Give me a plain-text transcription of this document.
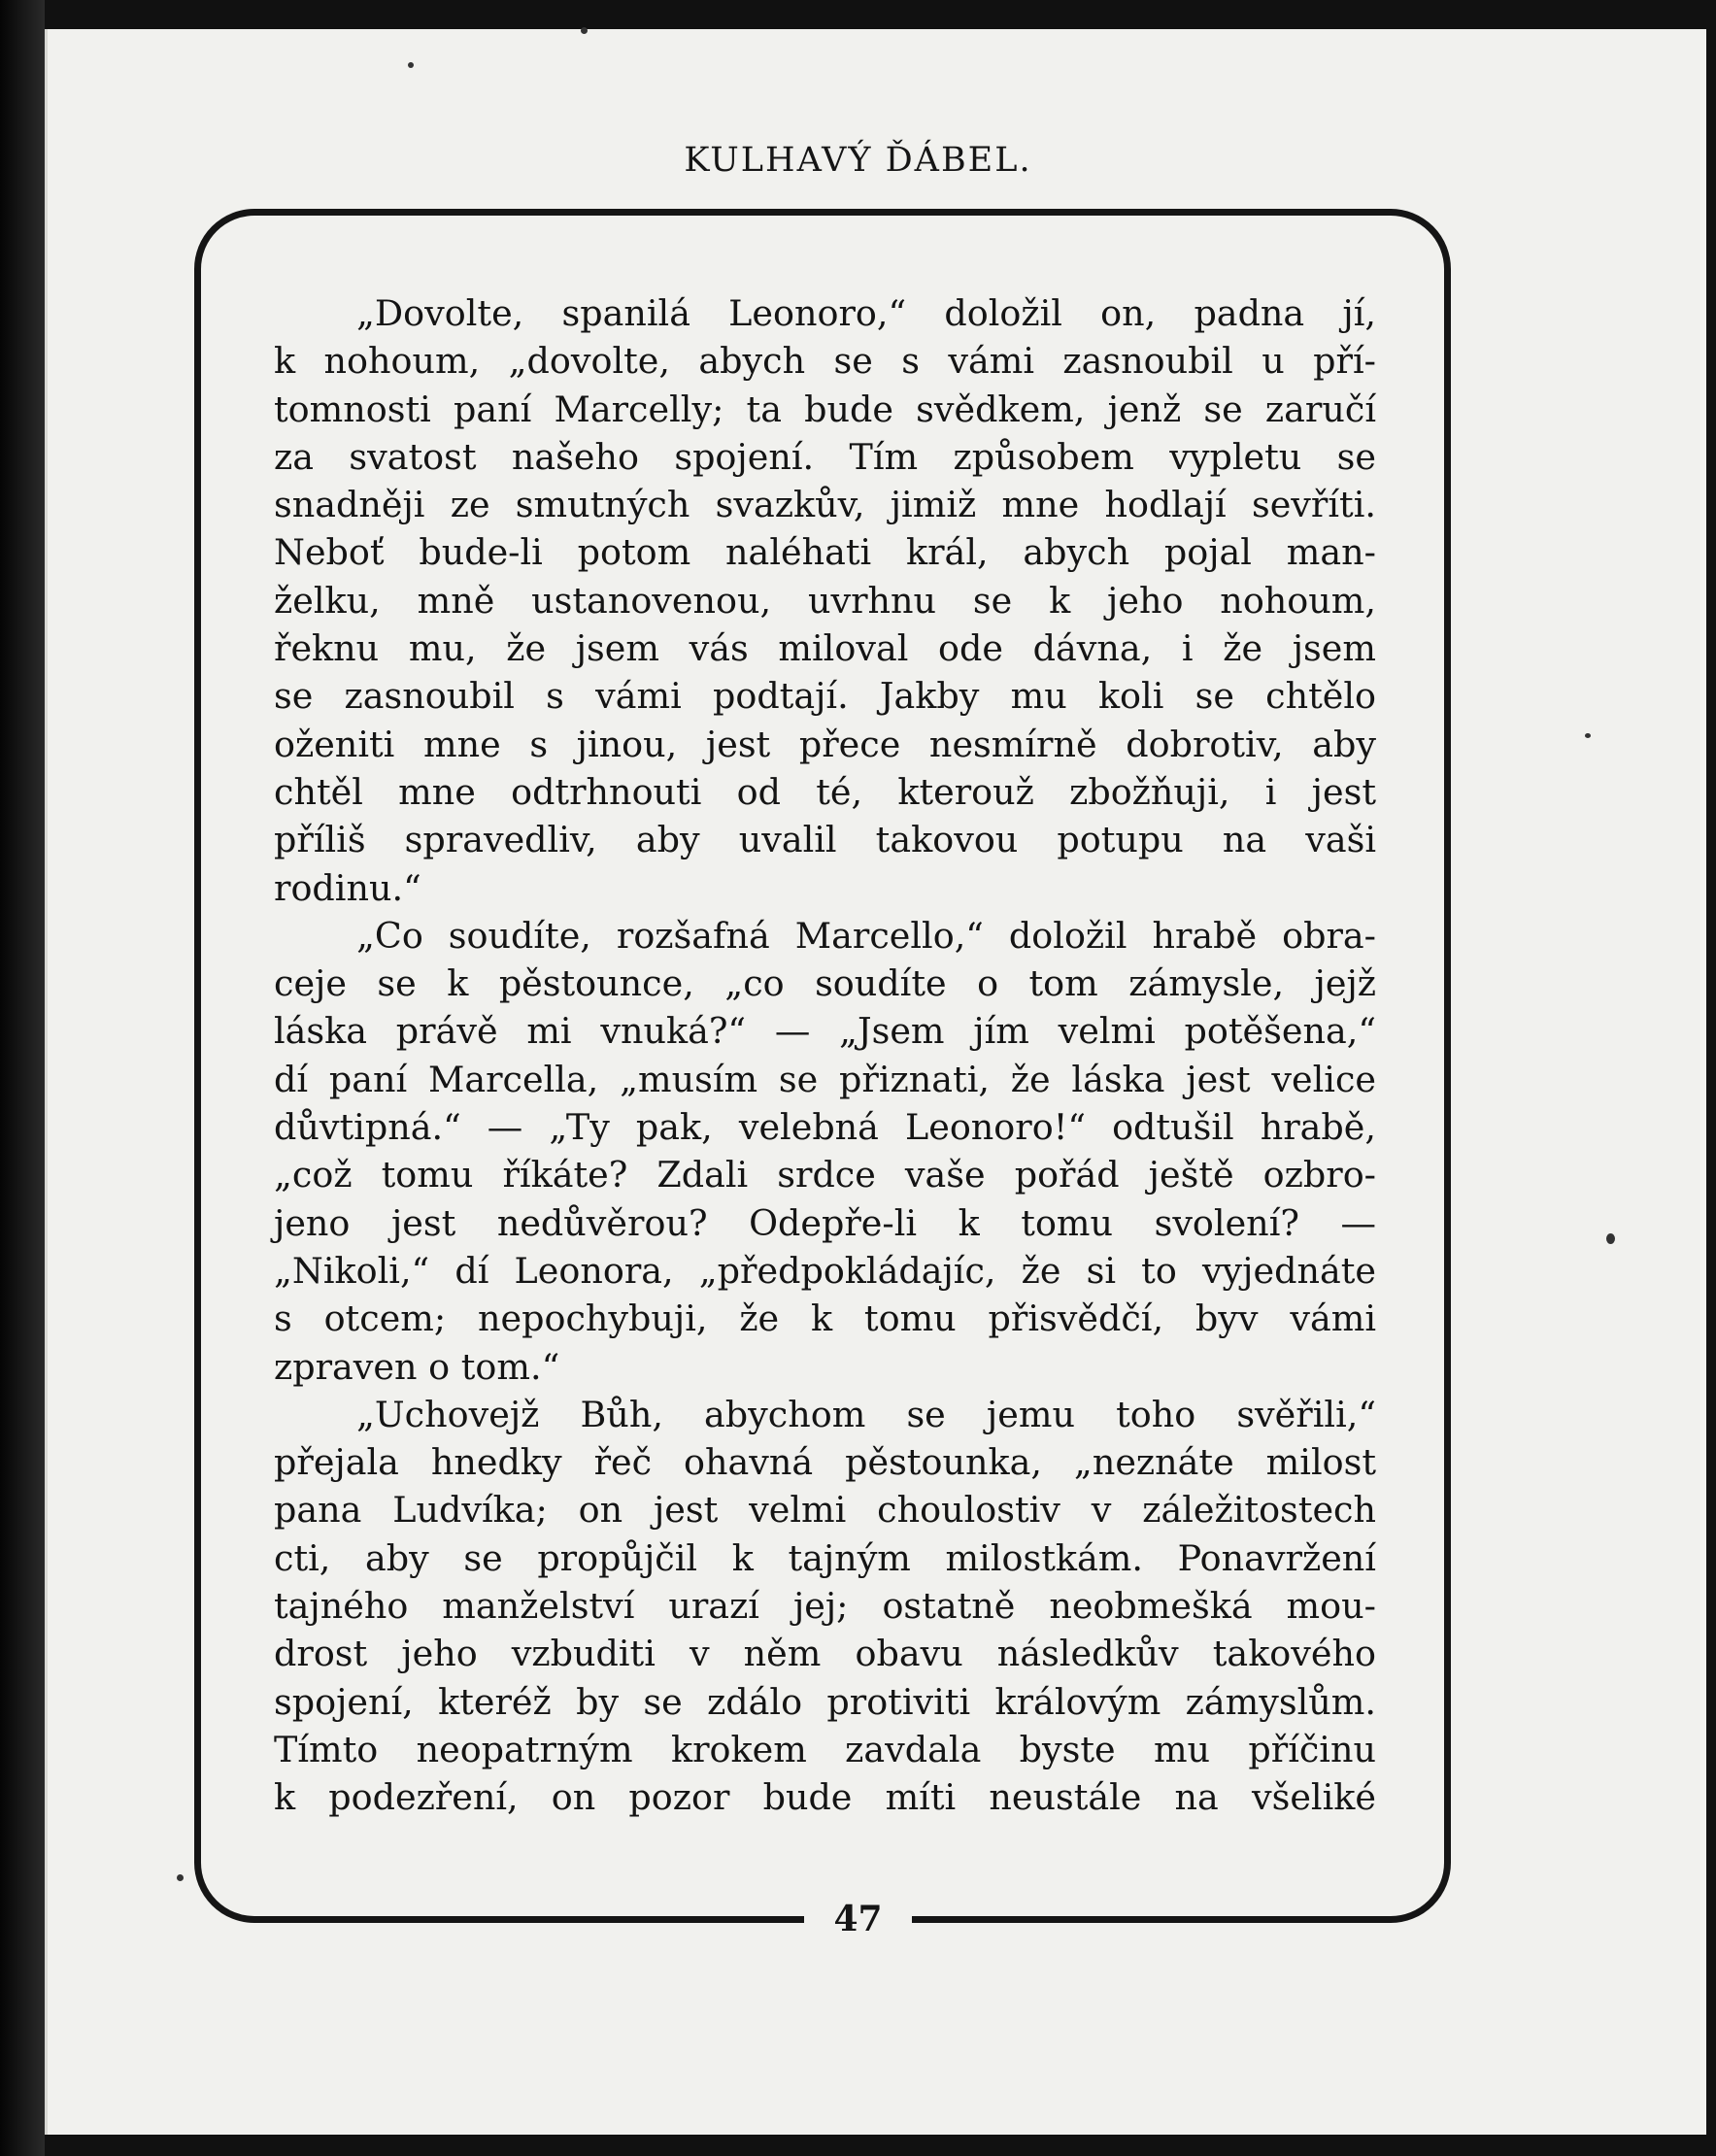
KULHAVÝ ĎÁBEL.
„Dovolte, spanilá Leonoro,“ doložil on, padna jí,
k nohoum, „dovolte, abych se s vámi zasnoubil u pří-
tomnosti paní Marcelly; ta bude svědkem, jenž se zaručí
za svatost našeho spojení. Tím způsobem vypletu se
snadněji ze smutných svazkův, jimiž mne hodlají sevříti.
Neboť bude-li potom naléhati král, abych pojal man-
želku, mně ustanovenou, uvrhnu se k jeho nohoum,
řeknu mu, že jsem vás miloval ode dávna, i že jsem
se zasnoubil s vámi podtají. Jakby mu koli se chtělo
oženiti mne s jinou, jest přece nesmírně dobrotiv, aby
chtěl mne odtrhnouti od té, kterouž zbožňuji, i jest
příliš spravedliv, aby uvalil takovou potupu na vaši
rodinu.“
„Co soudíte, rozšafná Marcello,“ doložil hrabě obra-
ceje se k pěstounce, „co soudíte o tom zámysle, jejž
láska právě mi vnuká?“ — „Jsem jím velmi potěšena,“
dí paní Marcella, „musím se přiznati, že láska jest velice
důvtipná.“ — „Ty pak, velebná Leonoro!“ odtušil hrabě,
„což tomu říkáte? Zdali srdce vaše pořád ještě ozbro-
jeno jest nedůvěrou? Odepře-li k tomu svolení? —
„Nikoli,“ dí Leonora, „předpokládajíc, že si to vyjednáte
s otcem; nepochybuji, že k tomu přisvědčí, byv vámi
zpraven o tom.“
„Uchovejž Bůh, abychom se jemu toho svěřili,“
přejala hnedky řeč ohavná pěstounka, „neznáte milost
pana Ludvíka; on jest velmi choulostiv v záležitostech
cti, aby se propůjčil k tajným milostkám. Ponavržení
tajného manželství urazí jej; ostatně neobmešká mou-
drost jeho vzbuditi v něm obavu následkův takového
spojení, kteréž by se zdálo protiviti královým zámyslům.
Tímto neopatrným krokem zavdala byste mu příčinu
k podezření, on pozor bude míti neustále na všeliké
47
